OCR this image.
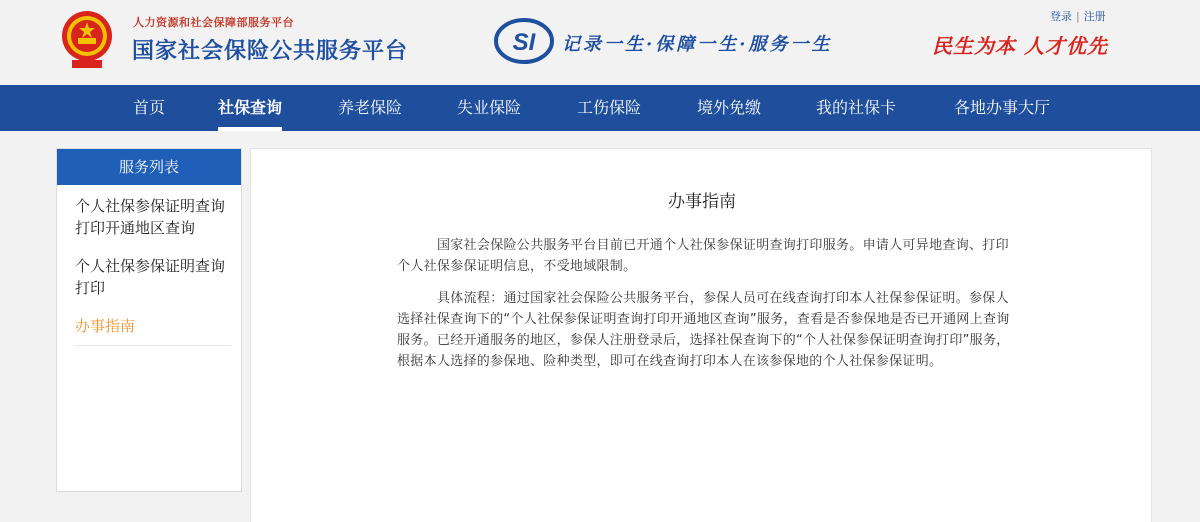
人力资源和社会保障部服务平台
国家社会保险公共服务平台	SI 记录一生·保障一生·服务一生	民生为本 人才优先
登录 | 注册
首页	社保查询	养老保险	失业保险	工伤保险	境外免缴	我的社保卡	各地办事大厅
服务列表
个人社保参保证明查询打印开通地区查询
个人社保参保证明查询打印
办事指南
办事指南

国家社会保险公共服务平台目前已开通个人社保参保证明查询打印服务。申请人可异地查询、打印个人社保参保证明信息，不受地域限制。

具体流程：通过国家社会保险公共服务平台，参保人员可在线查询打印本人社保参保证明。参保人选择社保查询下的“个人社保参保证明查询打印开通地区查询”服务，查看是否参保地是否已开通网上查询服务。已经开通服务的地区，参保人注册登录后，选择社保查询下的“个人社保参保证明查询打印”服务，根据本人选择的参保地、险种类型，即可在线查询打印本人在该参保地的个人社保参保证明。
